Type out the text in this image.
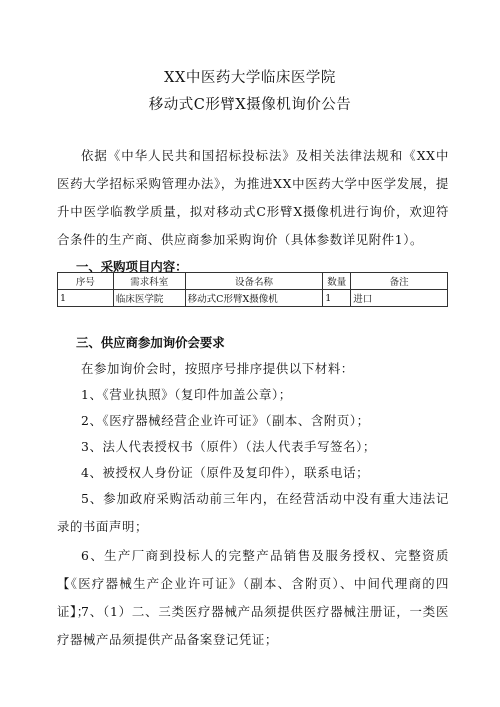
XX中医药大学临床医学院
移动式C形臂X摄像机询价公告

依据《中华人民共和国招标投标法》及相关法律法规和《XX中医药大学招标采购管理办法》，为推进XX中医药大学中医学发展，提升中医学临教学质量，拟对移动式C形臂X摄像机进行询价，欢迎符合条件的生产商、供应商参加采购询价（具体参数详见附件1）。

一、采购项目内容：
序号	需求科室	设备名称	数量	备注
1	临床医学院	移动式C形臂X摄像机	1	进口
三、供应商参加询价会要求
在参加询价会时，按照序号排序提供以下材料：
1、《营业执照》（复印件加盖公章）；
2、《医疗器械经营企业许可证》（副本、含附页）；
3、法人代表授权书（原件）（法人代表手写签名）；
4、被授权人身份证（原件及复印件），联系电话；

5、参加政府采购活动前三年内，在经营活动中没有重大违法记录的书面声明；

6、生产厂商到投标人的完整产品销售及服务授权、完整资质【《医疗器械生产企业许可证》（副本、含附页）、中间代理商的四证】；

7、（1）二、三类医疗器械产品须提供医疗器械注册证，一类医疗器械产品须提供产品备案登记凭证；
